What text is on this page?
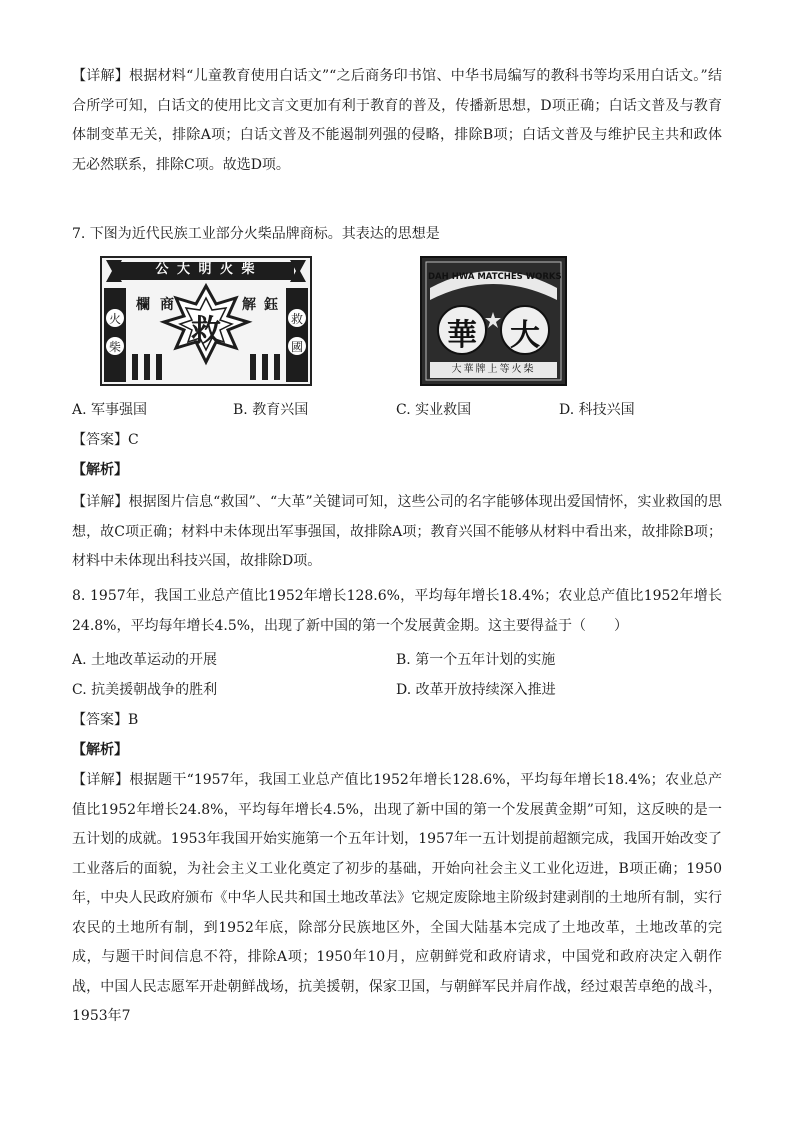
【详解】根据材料“儿童教育使用白话文”“之后商务印书馆、中华书局编写的教科书等均采用白话文。”结合所学可知，白话文的使用比文言文更加有利于教育的普及，传播新思想，D项正确；白话文普及与教育体制变革无关，排除A项；白话文普及不能遏制列强的侵略，排除B项；白话文普及与维护民主共和政体无必然联系，排除C项。故选D项。

7. 下图为近代民族工业部分火柴品牌商标。其表达的思想是
公 大 明 火 柴
欄 商	解 鈺
救
火
柴
救
國
DAH HWA MATCHES WORKS
華 大
大華牌上等火柴
A. 军事强国	B. 教育兴国	C. 实业救国	D. 科技兴国
【答案】C
【解析】

【详解】根据图片信息“救国”、“大革”关键词可知，这些公司的名字能够体现出爱国情怀，实业救国的思想，故C项正确；材料中未体现出军事强国，故排除A项；教育兴国不能够从材料中看出来，故排除B项；材料中未体现出科技兴国，故排除D项。

8. 1957年，我国工业总产值比1952年增长128.6%，平均每年增长18.4%；农业总产值比1952年增长24.8%，平均每年增长4.5%，出现了新中国的第一个发展黄金期。这主要得益于（　　）

A. 土地改革运动的开展	B. 第一个五年计划的实施
C. 抗美援朝战争的胜利	D. 改革开放持续深入推进
【答案】B
【解析】

【详解】根据题干“1957年，我国工业总产值比1952年增长128.6%，平均每年增长18.4%；农业总产值比1952年增长24.8%，平均每年增长4.5%，出现了新中国的第一个发展黄金期”可知，这反映的是一五计划的成就。1953年我国开始实施第一个五年计划，1957年一五计划提前超额完成，我国开始改变了工业落后的面貌，为社会主义工业化奠定了初步的基础，开始向社会主义工业化迈进，B项正确；1950年，中央人民政府颁布《中华人民共和国土地改革法》它规定废除地主阶级封建剥削的土地所有制，实行农民的土地所有制，到1952年底，除部分民族地区外，全国大陆基本完成了土地改革，土地改革的完成，与题干时间信息不符，排除A项；1950年10月，应朝鲜党和政府请求，中国党和政府决定入朝作战，中国人民志愿军开赴朝鲜战场，抗美援朝，保家卫国，与朝鲜军民并肩作战，经过艰苦卓绝的战斗，1953年7
